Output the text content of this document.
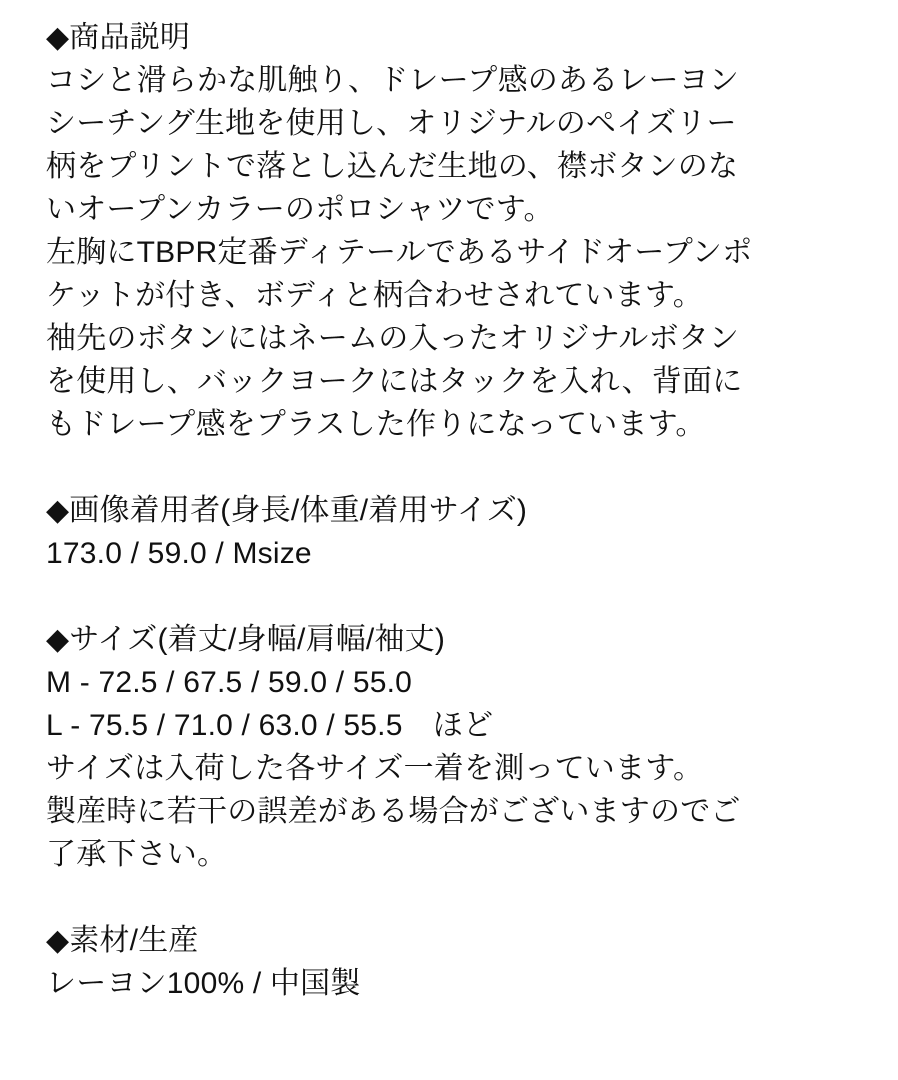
◆商品説明
コシと滑らかな肌触り、ドレープ感のあるレーヨン
シーチング生地を使用し、オリジナルのペイズリー
柄をプリントで落とし込んだ生地の、襟ボタンのな
いオープンカラーのポロシャツです。
左胸にTBPR定番ディテールであるサイドオープンポ
ケットが付き、ボディと柄合わせされています。
袖先のボタンにはネームの入ったオリジナルボタン
を使用し、バックヨークにはタックを入れ、背面に
もドレープ感をプラスした作りになっています。
◆画像着用者(身長/体重/着用サイズ)
173.0 / 59.0 / Msize
◆サイズ(着丈/身幅/肩幅/袖丈)
M - 72.5 / 67.5 / 59.0 / 55.0
L - 75.5 / 71.0 / 63.0 / 55.5　ほど
サイズは入荷した各サイズ一着を測っています。
製産時に若干の誤差がある場合がございますのでご
了承下さい。
◆素材/生産
レーヨン100% / 中国製
